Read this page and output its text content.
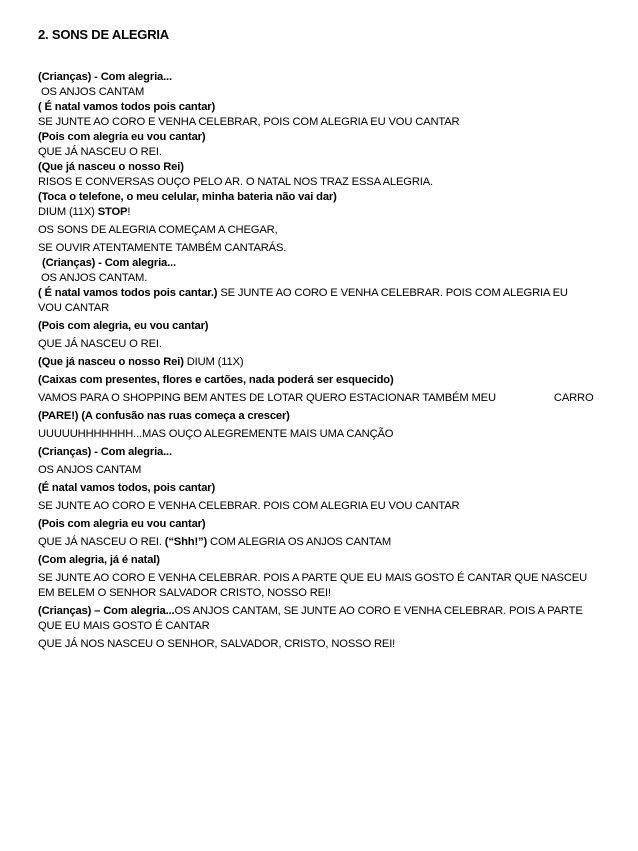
2. SONS DE ALEGRIA
(Crianças) - Com alegria...
OS ANJOS CANTAM
( É natal vamos todos pois cantar)
SE JUNTE AO CORO E VENHA CELEBRAR, POIS COM ALEGRIA EU VOU CANTAR
(Pois com alegria eu vou cantar)
QUE JÁ NASCEU O REI.
(Que já nasceu o nosso Rei)
RISOS E CONVERSAS OUÇO PELO AR. O NATAL NOS TRAZ ESSA ALEGRIA.
(Toca o telefone, o meu celular, minha bateria não vai dar)
DIUM (11X) STOP!
OS SONS DE ALEGRIA COMEÇAM A CHEGAR,
SE OUVIR ATENTAMENTE TAMBÉM CANTARÁS.
(Crianças) - Com alegria...
OS ANJOS CANTAM.
( É natal vamos todos pois cantar.) SE JUNTE AO CORO E VENHA CELEBRAR. POIS COM ALEGRIA EU
VOU CANTAR
(Pois com alegria, eu vou cantar)
QUE JÁ NASCEU O REI.
(Que já nasceu o nosso Rei) DIUM (11X)
(Caixas com presentes, flores e cartões, nada poderá ser esquecido)
VAMOS PARA O SHOPPING BEM ANTES DE LOTAR QUERO ESTACIONAR TAMBÉM MEU	CARRO
(PARE!) (A confusão nas ruas começa a crescer)
UUUUUHHHHHHH...MAS OUÇO ALEGREMENTE MAIS UMA CANÇÃO
(Crianças) - Com alegria...
OS ANJOS CANTAM
(É natal vamos todos, pois cantar)
SE JUNTE AO CORO E VENHA CELEBRAR. POIS COM ALEGRIA EU VOU CANTAR
(Pois com alegria eu vou cantar)
QUE JÁ NASCEU O REI. (“Shh!”) COM ALEGRIA OS ANJOS CANTAM
(Com alegria, já é natal)
SE JUNTE AO CORO E VENHA CELEBRAR. POIS A PARTE QUE EU MAIS GOSTO É CANTAR QUE NASCEU
EM BELEM O SENHOR SALVADOR CRISTO, NOSSO REI!
(Crianças) – Com alegria...OS ANJOS CANTAM, SE JUNTE AO CORO E VENHA CELEBRAR. POIS A PARTE
QUE EU MAIS GOSTO É CANTAR
QUE JÁ NOS NASCEU O SENHOR, SALVADOR, CRISTO, NOSSO REI!
